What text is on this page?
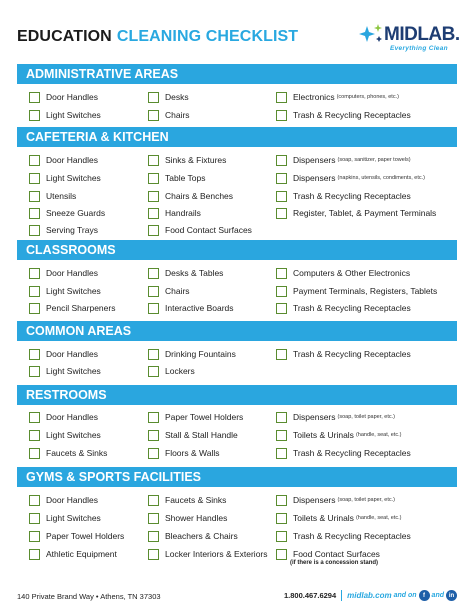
EDUCATION CLEANING CHECKLIST	MIDLAB.
Everything Clean
ADMINISTRATIVE AREAS
Door Handles	Desks	Electronics (computers, phones, etc.)
Light Switches	Chairs	Trash & Recycling Receptacles
CAFETERIA & KITCHEN
Door Handles	Sinks & Fixtures	Dispensers (soap, sanitizer, paper towels)
Light Switches	Table Tops	Dispensers (napkins, utensils, condiments, etc.)
Utensils	Chairs & Benches	Trash & Recycling Receptacles
Sneeze Guards	Handrails	Register, Tablet, & Payment Terminals
Serving Trays	Food Contact Surfaces
CLASSROOMS
Door Handles	Desks & Tables	Computers & Other Electronics
Light Switches	Chairs	Payment Terminals, Registers, Tablets
Pencil Sharpeners	Interactive Boards	Trash & Recycling Receptacles
COMMON AREAS
Door Handles	Drinking Fountains	Trash & Recycling Receptacles
Light Switches	Lockers
RESTROOMS
Door Handles	Paper Towel Holders	Dispensers (soap, toilet paper, etc.)
Light Switches	Stall & Stall Handle	Toilets & Urinals (handle, seat, etc.)
Faucets & Sinks	Floors & Walls	Trash & Recycling Receptacles
GYMS & SPORTS FACILITIES
Door Handles	Faucets & Sinks	Dispensers (soap, toilet paper, etc.)
Light Switches	Shower Handles	Toilets & Urinals (handle, seat, etc.)
Paper Towel Holders	Bleachers & Chairs	Trash & Recycling Receptacles
Athletic Equipment	Locker Interiors & Exteriors	Food Contact Surfaces
(if there is a concession stand)
140 Private Brand Way • Athens, TN 37303	1.800.467.6294 midlab.com and on	f and in
